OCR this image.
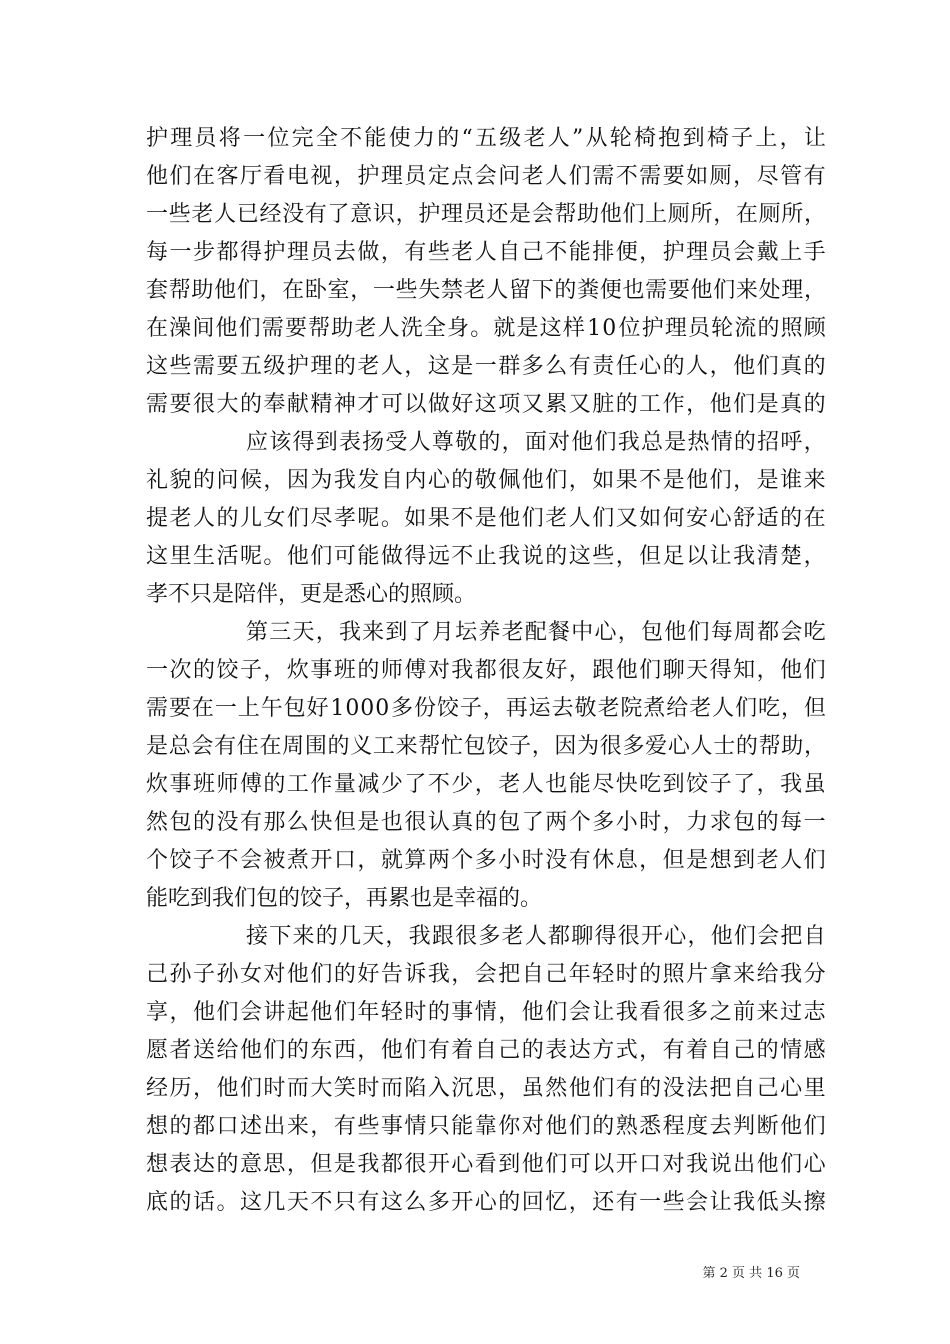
护 理 员 将 一 位 完 全 不 能 使 力 的 “ 五 级 老 人 ” 从 轮 椅 抱 到 椅 子 上 ， 让
他 们 在 客 厅 看 电 视 ， 护 理 员 定 点 会 问 老 人 们 需 不 需 要 如 厕 ， 尽 管 有
一 些 老 人 已 经 没 有 了 意 识 ， 护 理 员 还 是 会 帮 助 他 们 上 厕 所 ， 在 厕 所 ，
每 一 步 都 得 护 理 员 去 做 ， 有 些 老 人 自 己 不 能 排 便 ， 护 理 员 会 戴 上 手
套 帮 助 他 们 ， 在 卧 室 ， 一 些 失 禁 老 人 留 下 的 粪 便 也 需 要 他 们 来 处 理 ，
在 澡 间 他 们 需 要 帮 助 老 人 洗 全 身 。 就 是 这 样 1 0 位 护 理 员 轮 流 的 照 顾
这 些 需 要 五 级 护 理 的 老 人 ， 这 是 一 群 多 么 有 责 任 心 的 人 ， 他 们 真 的
需 要 很 大 的 奉 献 精 神 才 可 以 做 好 这 项 又 累 又 脏 的 工 作 ， 他 们 是 真 的
应 该 得 到 表 扬 受 人 尊 敬 的 ， 面 对 他 们 我 总 是 热 情 的 招 呼 ，
礼 貌 的 问 候 ， 因 为 我 发 自 内 心 的 敬 佩 他 们 ， 如 果 不 是 他 们 ， 是 谁 来
提 老 人 的 儿 女 们 尽 孝 呢 。 如 果 不 是 他 们 老 人 们 又 如 何 安 心 舒 适 的 在
这 里 生 活 呢 。 他 们 可 能 做 得 远 不 止 我 说 的 这 些 ， 但 足 以 让 我 清 楚 ，
孝不只是陪伴，更是悉心的照顾。
第 三 天 ， 我 来 到 了 月 坛 养 老 配 餐 中 心 ， 包 他 们 每 周 都 会 吃
一 次 的 饺 子 ， 炊 事 班 的 师 傅 对 我 都 很 友 好 ， 跟 他 们 聊 天 得 知 ， 他 们
需 要 在 一 上 午 包 好 1 0 0 0 多 份 饺 子 ， 再 运 去 敬 老 院 煮 给 老 人 们 吃 ， 但
是 总 会 有 住 在 周 围 的 义 工 来 帮 忙 包 饺 子 ， 因 为 很 多 爱 心 人 士 的 帮 助 ，
炊 事 班 师 傅 的 工 作 量 减 少 了 不 少 ， 老 人 也 能 尽 快 吃 到 饺 子 了 ， 我 虽
然 包 的 没 有 那 么 快 但 是 也 很 认 真 的 包 了 两 个 多 小 时 ， 力 求 包 的 每 一
个 饺 子 不 会 被 煮 开 口 ， 就 算 两 个 多 小 时 没 有 休 息 ， 但 是 想 到 老 人 们
能吃到我们包的饺子，再累也是幸福的。
接 下 来 的 几 天 ， 我 跟 很 多 老 人 都 聊 得 很 开 心 ， 他 们 会 把 自
己 孙 子 孙 女 对 他 们 的 好 告 诉 我 ， 会 把 自 己 年 轻 时 的 照 片 拿 来 给 我 分
享 ， 他 们 会 讲 起 他 们 年 轻 时 的 事 情 ， 他 们 会 让 我 看 很 多 之 前 来 过 志
愿 者 送 给 他 们 的 东 西 ， 他 们 有 着 自 己 的 表 达 方 式 ， 有 着 自 己 的 情 感
经 历 ， 他 们 时 而 大 笑 时 而 陷 入 沉 思 ， 虽 然 他 们 有 的 没 法 把 自 己 心 里
想 的 都 口 述 出 来 ， 有 些 事 情 只 能 靠 你 对 他 们 的 熟 悉 程 度 去 判 断 他 们
想 表 达 的 意 思 ， 但 是 我 都 很 开 心 看 到 他 们 可 以 开 口 对 我 说 出 他 们 心
底 的 话 。 这 几 天 不 只 有 这 么 多 开 心 的 回 忆 ， 还 有 一 些 会 让 我 低 头 擦
第 2 页 共 16 页
